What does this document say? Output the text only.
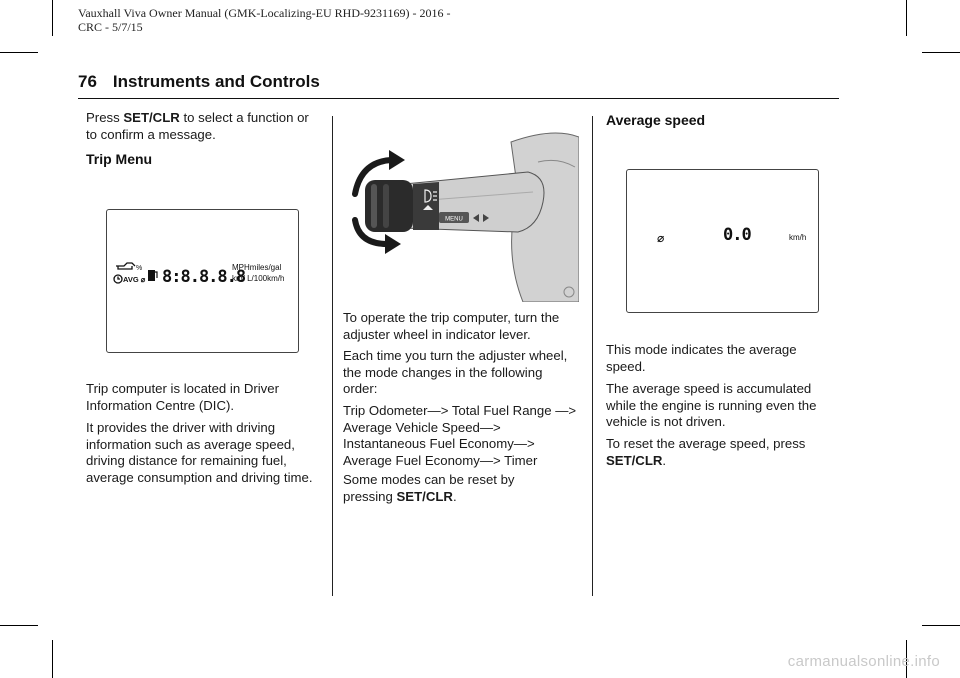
Vauxhall Viva Owner Manual (GMK-Localizing-EU RHD-9231169) - 2016 -
CRC - 5/7/15
76 Instruments and Controls
Press SET/CLR to select a function or to confirm a message.
Trip Menu
%
AVG ⌀ 8:8.8.8.8
MPHmiles/gal
km/ L/100km/h
Trip computer is located in Driver Information Centre (DIC).
It provides the driver with driving information such as average speed, driving distance for remaining fuel, average consumption and driving time.
MENU
To operate the trip computer, turn the adjuster wheel in indicator lever.
Each time you turn the adjuster wheel, the mode changes in the following order:
Trip Odometer—> Total Fuel Range —> Average Vehicle Speed—> Instantaneous Fuel Economy—> Average Fuel Economy—> Timer
Some modes can be reset by pressing SET/CLR.
Average speed
⌀	0.0	km/h
This mode indicates the average speed.
The average speed is accumulated while the engine is running even the vehicle is not driven.
To reset the average speed, press SET/CLR.
carmanualsonline.info
